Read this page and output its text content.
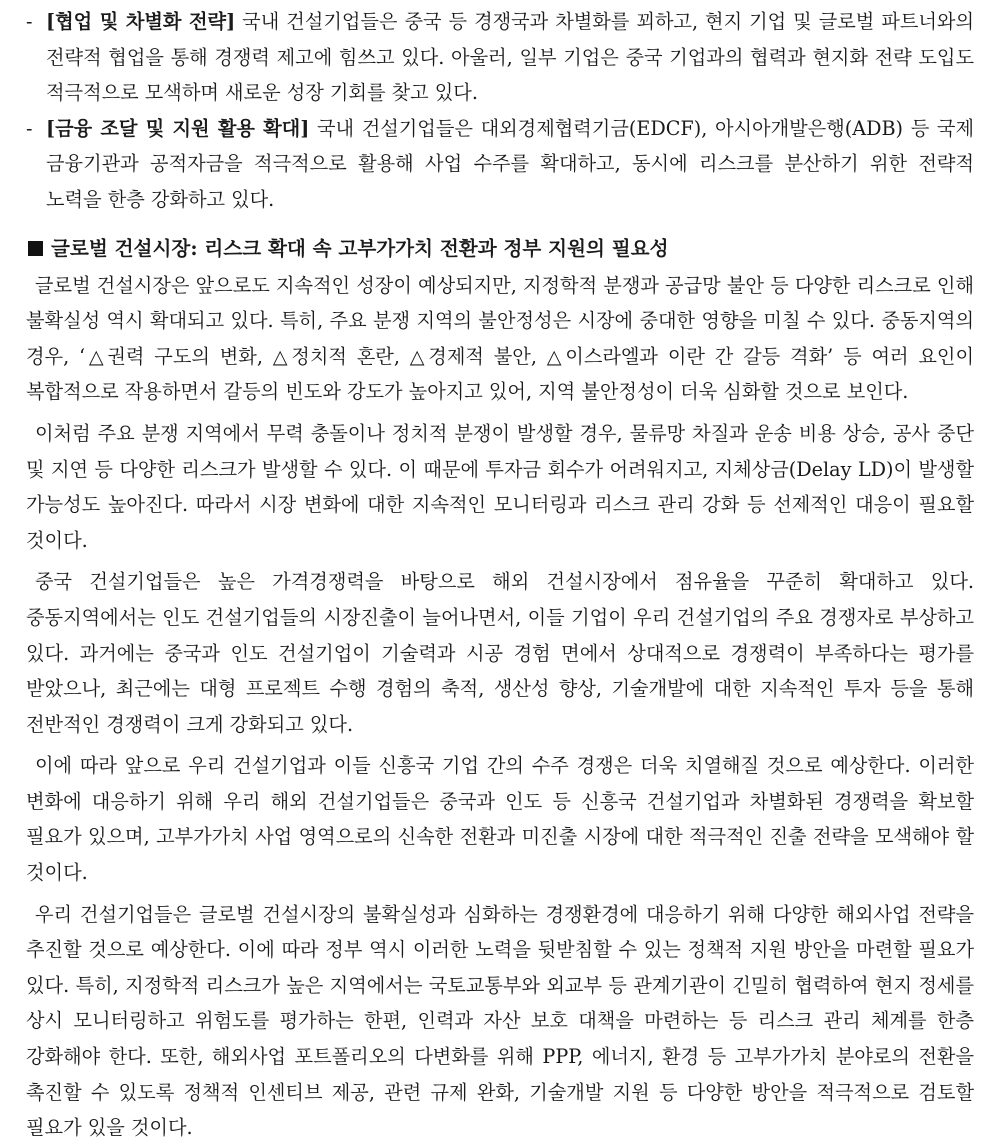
- [협업 및 차별화 전략] 국내 건설기업들은 중국 등 경쟁국과 차별화를 꾀하고, 현지 기업 및 글로벌 파트너와의 전략적 협업을 통해 경쟁력 제고에 힘쓰고 있다. 아울러, 일부 기업은 중국 기업과의 협력과 현지화 전략 도입도 적극적으로 모색하며 새로운 성장 기회를 찾고 있다.
- [금융 조달 및 지원 활용 확대] 국내 건설기업들은 대외경제협력기금(EDCF), 아시아개발은행(ADB) 등 국제 금융기관과 공적자금을 적극적으로 활용해 사업 수주를 확대하고, 동시에 리스크를 분산하기 위한 전략적 노력을 한층 강화하고 있다.
글로벌 건설시장: 리스크 확대 속 고부가가치 전환과 정부 지원의 필요성

글로벌 건설시장은 앞으로도 지속적인 성장이 예상되지만, 지정학적 분쟁과 공급망 불안 등 다양한 리스크로 인해 불확실성 역시 확대되고 있다. 특히, 주요 분쟁 지역의 불안정성은 시장에 중대한 영향을 미칠 수 있다. 중동지역의 경우, ‘△권력 구도의 변화, △정치적 혼란, △경제적 불안, △이스라엘과 이란 간 갈등 격화’ 등 여러 요인이 복합적으로 작용하면서 갈등의 빈도와 강도가 높아지고 있어, 지역 불안정성이 더욱 심화할 것으로 보인다.

이처럼 주요 분쟁 지역에서 무력 충돌이나 정치적 분쟁이 발생할 경우, 물류망 차질과 운송 비용 상승, 공사 중단 및 지연 등 다양한 리스크가 발생할 수 있다. 이 때문에 투자금 회수가 어려워지고, 지체상금(Delay LD)이 발생할 가능성도 높아진다. 따라서 시장 변화에 대한 지속적인 모니터링과 리스크 관리 강화 등 선제적인 대응이 필요할 것이다.

중국 건설기업들은 높은 가격경쟁력을 바탕으로 해외 건설시장에서 점유율을 꾸준히 확대하고 있다. 중동지역에서는 인도 건설기업들의 시장진출이 늘어나면서, 이들 기업이 우리 건설기업의 주요 경쟁자로 부상하고 있다. 과거에는 중국과 인도 건설기업이 기술력과 시공 경험 면에서 상대적으로 경쟁력이 부족하다는 평가를 받았으나, 최근에는 대형 프로젝트 수행 경험의 축적, 생산성 향상, 기술개발에 대한 지속적인 투자 등을 통해 전반적인 경쟁력이 크게 강화되고 있다.

이에 따라 앞으로 우리 건설기업과 이들 신흥국 기업 간의 수주 경쟁은 더욱 치열해질 것으로 예상한다. 이러한 변화에 대응하기 위해 우리 해외 건설기업들은 중국과 인도 등 신흥국 건설기업과 차별화된 경쟁력을 확보할 필요가 있으며, 고부가가치 사업 영역으로의 신속한 전환과 미진출 시장에 대한 적극적인 진출 전략을 모색해야 할 것이다.

우리 건설기업들은 글로벌 건설시장의 불확실성과 심화하는 경쟁환경에 대응하기 위해 다양한 해외사업 전략을 추진할 것으로 예상한다. 이에 따라 정부 역시 이러한 노력을 뒷받침할 수 있는 정책적 지원 방안을 마련할 필요가 있다. 특히, 지정학적 리스크가 높은 지역에서는 국토교통부와 외교부 등 관계기관이 긴밀히 협력하여 현지 정세를 상시 모니터링하고 위험도를 평가하는 한편, 인력과 자산 보호 대책을 마련하는 등 리스크 관리 체계를 한층 강화해야 한다. 또한, 해외사업 포트폴리오의 다변화를 위해 PPP, 에너지, 환경 등 고부가가치 분야로의 전환을 촉진할 수 있도록 정책적 인센티브 제공, 관련 규제 완화, 기술개발 지원 등 다양한 방안을 적극적으로 검토할 필요가 있을 것이다.
